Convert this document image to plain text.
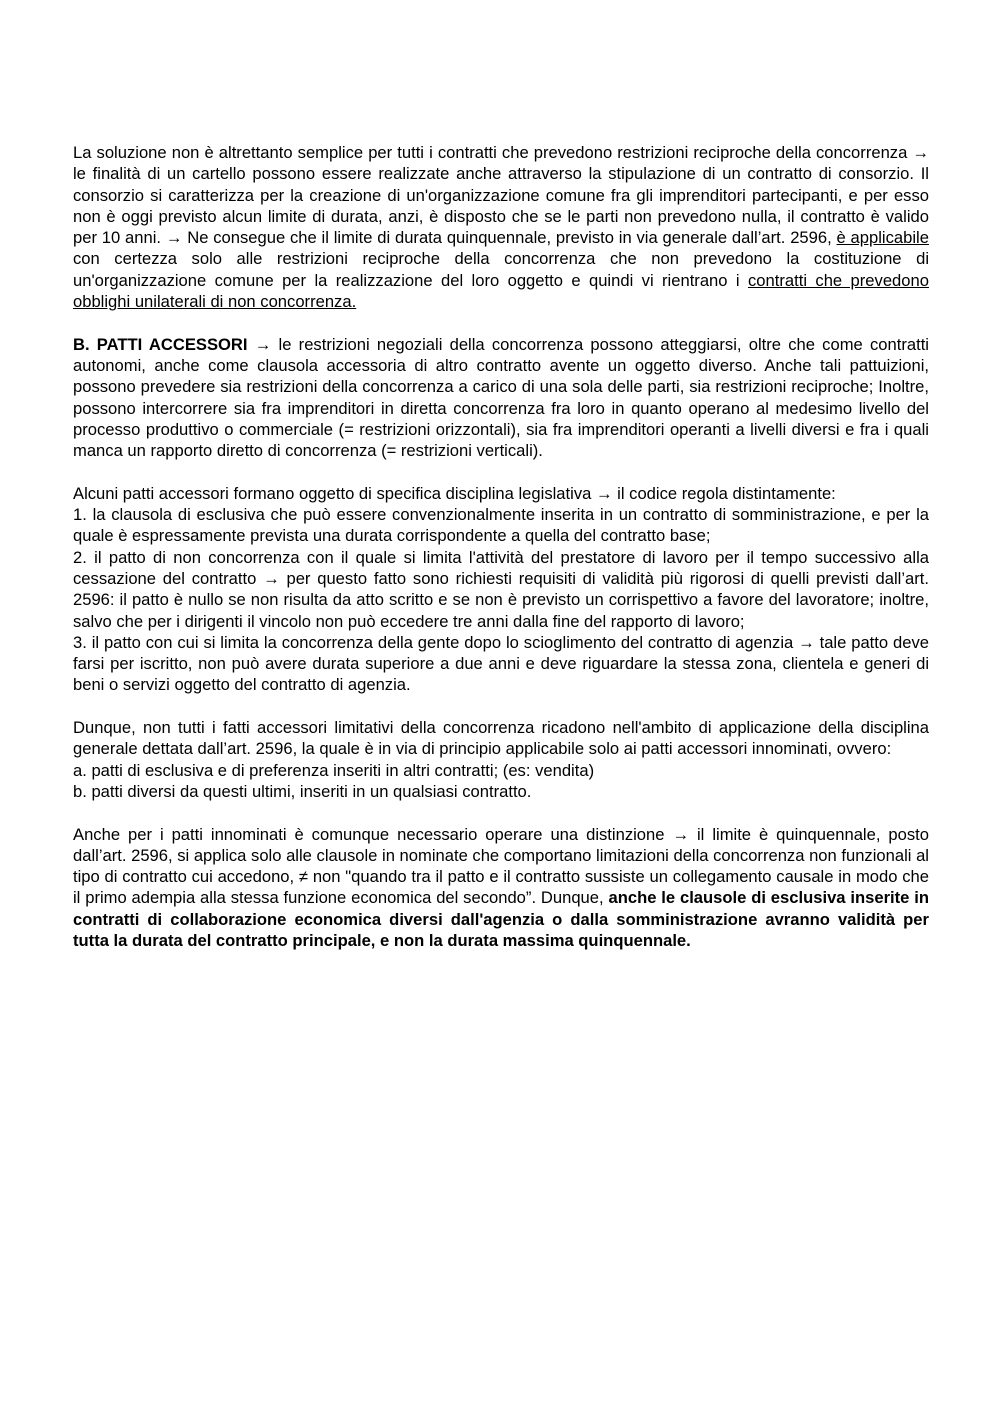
La soluzione non è altrettanto semplice per tutti i contratti che prevedono restrizioni reciproche della concorrenza → le finalità di un cartello possono essere realizzate anche attraverso la stipulazione di un contratto di consorzio. Il consorzio si caratterizza per la creazione di un'organizzazione comune fra gli imprenditori partecipanti, e per esso non è oggi previsto alcun limite di durata, anzi, è disposto che se le parti non prevedono nulla, il contratto è valido per 10 anni. → Ne consegue che il limite di durata quinquennale, previsto in via generale dall’art. 2596, è applicabile con certezza solo alle restrizioni reciproche della concorrenza che non prevedono la costituzione di un'organizzazione comune per la realizzazione del loro oggetto e quindi vi rientrano i contratti che prevedono obblighi unilaterali di non concorrenza.

B. PATTI ACCESSORI → le restrizioni negoziali della concorrenza possono atteggiarsi, oltre che come contratti autonomi, anche come clausola accessoria di altro contratto avente un oggetto diverso. Anche tali pattuizioni, possono prevedere sia restrizioni della concorrenza a carico di una sola delle parti, sia restrizioni reciproche; Inoltre, possono intercorrere sia fra imprenditori in diretta concorrenza fra loro in quanto operano al medesimo livello del processo produttivo o commerciale (= restrizioni orizzontali), sia fra imprenditori operanti a livelli diversi e fra i quali manca un rapporto diretto di concorrenza (= restrizioni verticali).

Alcuni patti accessori formano oggetto di specifica disciplina legislativa → il codice regola distintamente:
1. la clausola di esclusiva che può essere convenzionalmente inserita in un contratto di somministrazione, e per la quale è espressamente prevista una durata corrispondente a quella del contratto base;
2. il patto di non concorrenza con il quale si limita l'attività del prestatore di lavoro per il tempo successivo alla cessazione del contratto → per questo fatto sono richiesti requisiti di validità più rigorosi di quelli previsti dall’art. 2596: il patto è nullo se non risulta da atto scritto e se non è previsto un corrispettivo a favore del lavoratore; inoltre, salvo che per i dirigenti il vincolo non può eccedere tre anni dalla fine del rapporto di lavoro;
3. il patto con cui si limita la concorrenza della gente dopo lo scioglimento del contratto di agenzia → tale patto deve farsi per iscritto, non può avere durata superiore a due anni e deve riguardare la stessa zona, clientela e generi di beni o servizi oggetto del contratto di agenzia.
Dunque, non tutti i fatti accessori limitativi della concorrenza ricadono nell'ambito di applicazione della disciplina generale dettata dall’art. 2596, la quale è in via di principio applicabile solo ai patti accessori innominati, ovvero:
a. patti di esclusiva e di preferenza inseriti in altri contratti; (es: vendita)
b. patti diversi da questi ultimi, inseriti in un qualsiasi contratto.

Anche per i patti innominati è comunque necessario operare una distinzione → il limite è quinquennale, posto dall’art. 2596, si applica solo alle clausole in nominate che comportano limitazioni della concorrenza non funzionali al tipo di contratto cui accedono, ≠ non "quando tra il patto e il contratto sussiste un collegamento causale in modo che il primo adempia alla stessa funzione economica del secondo”. Dunque, anche le clausole di esclusiva inserite in contratti di collaborazione economica diversi dall'agenzia o dalla somministrazione avranno validità per tutta la durata del contratto principale, e non la durata massima quinquennale.
